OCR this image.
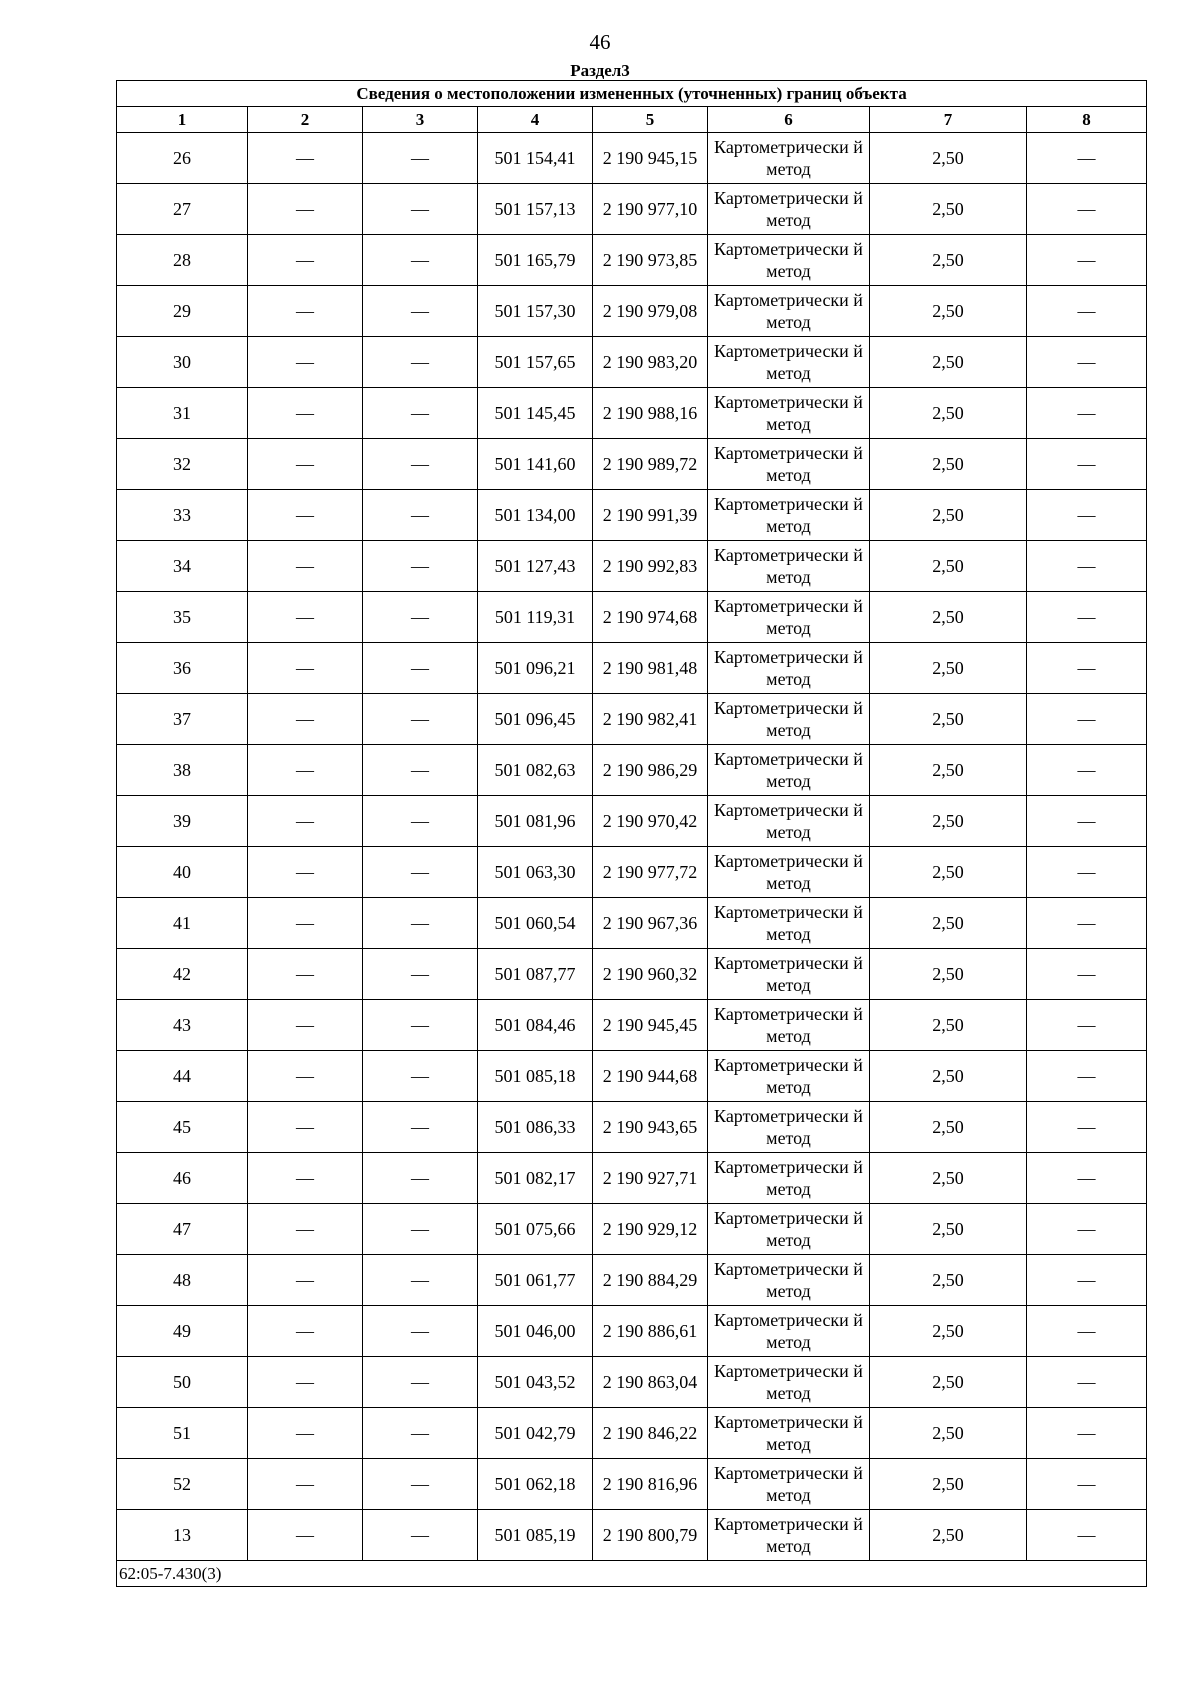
46
Раздел3
Сведения о местоположении измененных (уточненных) границ объекта							
1	2	3	4	5	6	7	8
26	—	—	501 154,41	2 190 945,15	Картометрически й метод	2,50	—
27	—	—	501 157,13	2 190 977,10	Картометрически й метод	2,50	—
28	—	—	501 165,79	2 190 973,85	Картометрически й метод	2,50	—
29	—	—	501 157,30	2 190 979,08	Картометрически й метод	2,50	—
30	—	—	501 157,65	2 190 983,20	Картометрически й метод	2,50	—
31	—	—	501 145,45	2 190 988,16	Картометрически й метод	2,50	—
32	—	—	501 141,60	2 190 989,72	Картометрически й метод	2,50	—
33	—	—	501 134,00	2 190 991,39	Картометрически й метод	2,50	—
34	—	—	501 127,43	2 190 992,83	Картометрически й метод	2,50	—
35	—	—	501 119,31	2 190 974,68	Картометрически й метод	2,50	—
36	—	—	501 096,21	2 190 981,48	Картометрически й метод	2,50	—
37	—	—	501 096,45	2 190 982,41	Картометрически й метод	2,50	—
38	—	—	501 082,63	2 190 986,29	Картометрически й метод	2,50	—
39	—	—	501 081,96	2 190 970,42	Картометрически й метод	2,50	—
40	—	—	501 063,30	2 190 977,72	Картометрически й метод	2,50	—
41	—	—	501 060,54	2 190 967,36	Картометрически й метод	2,50	—
42	—	—	501 087,77	2 190 960,32	Картометрически й метод	2,50	—
43	—	—	501 084,46	2 190 945,45	Картометрически й метод	2,50	—
44	—	—	501 085,18	2 190 944,68	Картометрически й метод	2,50	—
45	—	—	501 086,33	2 190 943,65	Картометрически й метод	2,50	—
46	—	—	501 082,17	2 190 927,71	Картометрически й метод	2,50	—
47	—	—	501 075,66	2 190 929,12	Картометрически й метод	2,50	—
48	—	—	501 061,77	2 190 884,29	Картометрически й метод	2,50	—
49	—	—	501 046,00	2 190 886,61	Картометрически й метод	2,50	—
50	—	—	501 043,52	2 190 863,04	Картометрически й метод	2,50	—
51	—	—	501 042,79	2 190 846,22	Картометрически й метод	2,50	—
52	—	—	501 062,18	2 190 816,96	Картометрически й метод	2,50	—
13	—	—	501 085,19	2 190 800,79	Картометрически й метод	2,50	—
62:05-7.430(3)							
